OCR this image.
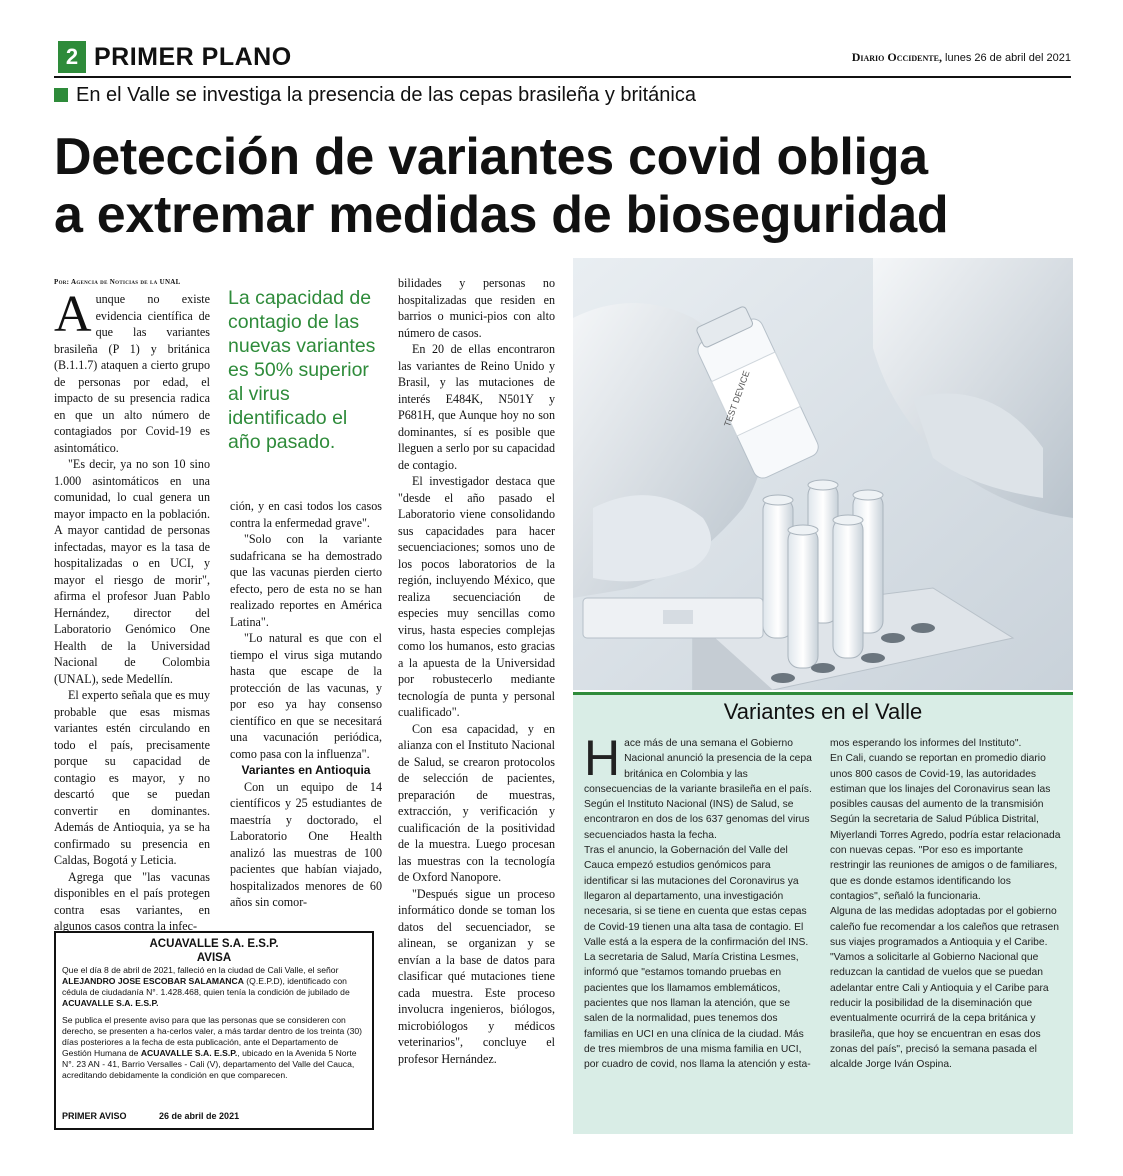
2 PRIMER PLANO	Diario Occidente, lunes 26 de abril del 2021
En el Valle se investiga la presencia de las cepas brasileña y británica
Detección de variantes covid obliga
a extremar medidas de bioseguridad
Por: Agencia de Noticias de la UNAL

Aunque no existe evidencia científica de que las variantes brasileña (P 1) y británica (B.1.1.7) ataquen a cierto grupo de personas por edad, el impacto de su presencia radica en que un alto número de contagiados por Covid-19 es asintomático.

"Es decir, ya no son 10 sino 1.000 asintomáticos en una comunidad, lo cual genera un mayor impacto en la población. A mayor cantidad de personas infectadas, mayor es la tasa de hospitalizadas o en UCI, y mayor el riesgo de morir", afirma el profesor Juan Pablo Hernández, director del Laboratorio Genómico One Health de la Universidad Nacional de Colombia (UNAL), sede Medellín.

El experto señala que es muy probable que esas mismas variantes estén circulando en todo el país, precisamente porque su capacidad de contagio es mayor, y no descartó que se puedan convertir en dominantes. Además de Antioquia, ya se ha confirmado su presencia en Caldas, Bogotá y Leticia.

Agrega que "las vacunas disponibles en el país protegen contra esas variantes, en algunos casos contra la infec-

La capacidad de contagio de las nuevas variantes es 50% superior al virus identificado el año pasado.

ción, y en casi todos los casos contra la enfermedad grave".

"Solo con la variante sudafricana se ha demostrado que las vacunas pierden cierto efecto, pero de esta no se han realizado reportes en América Latina".

"Lo natural es que con el tiempo el virus siga mutando hasta que escape de la protección de las vacunas, y por eso ya hay consenso científico en que se necesitará una vacunación periódica, como pasa con la influenza".

Variantes en Antioquia

Con un equipo de 14 científicos y 25 estudiantes de maestría y doctorado, el Laboratorio One Health analizó las muestras de 100 pacientes que habían viajado, hospitalizados menores de 60 años sin comor-

bilidades y personas no hospitalizadas que residen en barrios o munici-pios con alto número de casos.

En 20 de ellas encontraron las variantes de Reino Unido y Brasil, y las mutaciones de interés E484K, N501Y y P681H, que Aunque hoy no son dominantes, sí es posible que lleguen a serlo por su capacidad de contagio.

El investigador destaca que "desde el año pasado el Laboratorio viene consolidando sus capacidades para hacer secuenciaciones; somos uno de los pocos laboratorios de la región, incluyendo México, que realiza secuenciación de especies muy sencillas como virus, hasta especies complejas como los humanos, esto gracias a la apuesta de la Universidad por robustecerlo mediante tecnología de punta y personal cualificado".

Con esa capacidad, y en alianza con el Instituto Nacional de Salud, se crearon protocolos de selección de pacientes, preparación de muestras, extracción, y verificación y cualificación de la positividad de la muestra. Luego procesan las muestras con la tecnología de Oxford Nanopore.

"Después sigue un proceso informático donde se toman los datos del secuenciador, se alinean, se organizan y se envían a la base de datos para clasificar qué mutaciones tiene cada muestra. Este proceso involucra ingenieros, biólogos, microbiólogos y médicos veterinarios", concluye el profesor Hernández.

TEST DEVICE
Variantes en el Valle

Hace más de una semana el Gobierno Nacional anunció la presencia de la cepa británica en Colombia y las consecuencias de la variante brasileña en el país. Según el Instituto Nacional (INS) de Salud, se encontraron en dos de los 637 genomas del virus secuenciados hasta la fecha.

Tras el anuncio, la Gobernación del Valle del Cauca empezó estudios genómicos para identificar si las mutaciones del Coronavirus ya llegaron al departamento, una investigación necesaria, si se tiene en cuenta que estas cepas de Covid-19 tienen una alta tasa de contagio. El Valle está a la espera de la confirmación del INS.

La secretaria de Salud, María Cristina Lesmes, informó que "estamos tomando pruebas en pacientes que los llamamos emblemáticos, pacientes que nos llaman la atención, que se salen de la normalidad, pues tenemos dos familias en UCI en una clínica de la ciudad. Más de tres miembros de una misma familia en UCI, por cuadro de covid, nos llama la atención y esta-

mos esperando los informes del Instituto".

En Cali, cuando se reportan en promedio diario unos 800 casos de Covid-19, las autoridades estiman que los linajes del Coronavirus sean las posibles causas del aumento de la transmisión

Según la secretaria de Salud Pública Distrital, Miyerlandi Torres Agredo, podría estar relacionada con nuevas cepas. "Por eso es importante restringir las reuniones de amigos o de familiares, que es donde estamos identificando los contagios", señaló la funcionaria.

Alguna de las medidas adoptadas por el gobierno caleño fue recomendar a los caleños que retrasen sus viajes programados a Antioquia y el Caribe. "Vamos a solicitarle al Gobierno Nacional que reduzcan la cantidad de vuelos que se puedan adelantar entre Cali y Antioquia y el Caribe para reducir la posibilidad de la diseminación que eventualmente ocurrirá de la cepa británica y brasileña, que hoy se encuentran en esas dos zonas del país", precisó la semana pasada el alcalde Jorge Iván Ospina.

ACUAVALLE S.A. E.S.P.
AVISA

Que el día 8 de abril de 2021, falleció en la ciudad de Cali Valle, el señor ALEJANDRO JOSE ESCOBAR SALAMANCA (Q.E.P.D), identificado con cédula de ciudadanía N°. 1.428.468, quien tenía la condición de jubilado de ACUAVALLE S.A. E.S.P.

Se publica el presente aviso para que las personas que se consideren con derecho, se presenten a ha-cerlos valer, a más tardar dentro de los treinta (30) días posteriores a la fecha de esta publicación, ante el Departamento de Gestión Humana de ACUAVALLE S.A. E.S.P., ubicado en la Avenida 5 Norte N°. 23 AN - 41, Barrio Versalles - Cali (V), departamento del Valle del Cauca, acreditando debidamente la condición en que comparecen.

PRIMER AVISO	26 de abril de 2021
